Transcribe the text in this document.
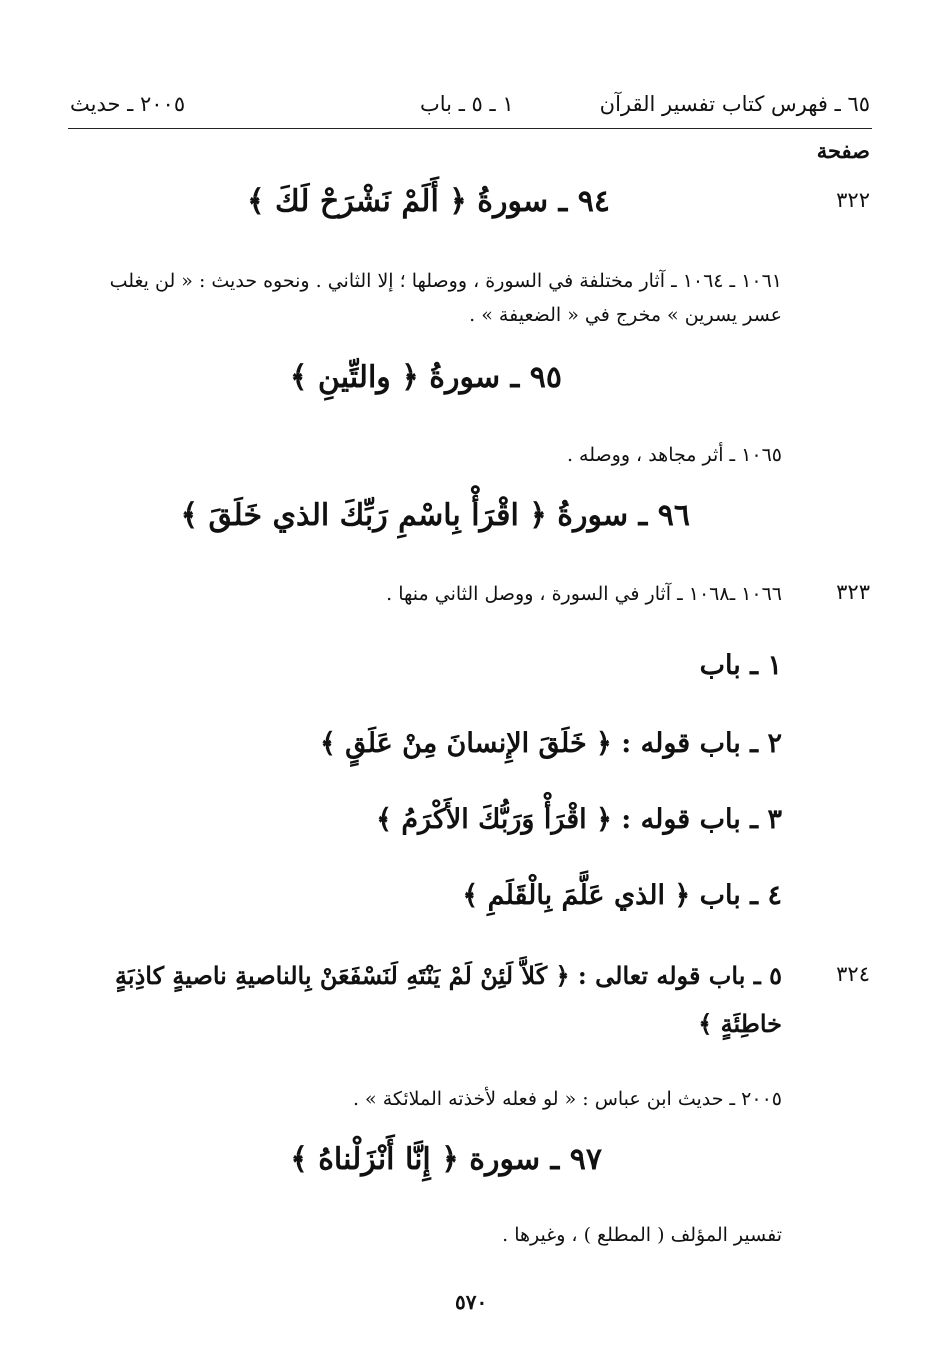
٦٥ ـ فهرس كتاب تفسير القرآن
١ ـ ٥ ـ باب
٢٠٠٥ ـ حديث
صفحة
٣٢٢
٩٤ ـ سورةُ ﴿ أَلَمْ نَشْرَحْ لَكَ ﴾
١٠٦١ ـ ١٠٦٤ ـ آثار مختلفة في السورة ، ووصلها ؛ إلا الثاني . ونحوه حديث : « لن يغلب عسر يسرين » مخرج في « الضعيفة » .
٩٥ ـ سورةُ ﴿ والتِّينِ ﴾
١٠٦٥ ـ أثر مجاهد ، ووصله .
٩٦ ـ سورةُ ﴿ اقْرَأْ بِاسْمِ رَبِّكَ الذي خَلَقَ ﴾
٣٢٣
١٠٦٦ ـ١٠٦٨ ـ آثار في السورة ، ووصل الثاني منها .
١ ـ باب
٢ ـ باب قوله : ﴿ خَلَقَ الإِنسانَ مِنْ عَلَقٍ ﴾
٣ ـ باب قوله : ﴿ اقْرَأْ وَرَبُّكَ الأَكْرَمُ ﴾
٤ ـ باب ﴿ الذي عَلَّمَ بِالْقَلَمِ ﴾
٣٢٤
٥ ـ باب قوله تعالى : ﴿ كَلاَّ لَئِنْ لَمْ يَنْتَهِ لَنَسْفَعَنْ بِالناصيةِ ناصيةٍ كاذِبَةٍ خاطِئَةٍ ﴾
٢٠٠٥ ـ حديث ابن عباس : « لو فعله لأخذته الملائكة » .
٩٧ ـ سورة ﴿ إِنَّا أَنْزَلْناهُ ﴾
تفسير المؤلف ( المطلع ) ، وغيرها .
٥٧٠
